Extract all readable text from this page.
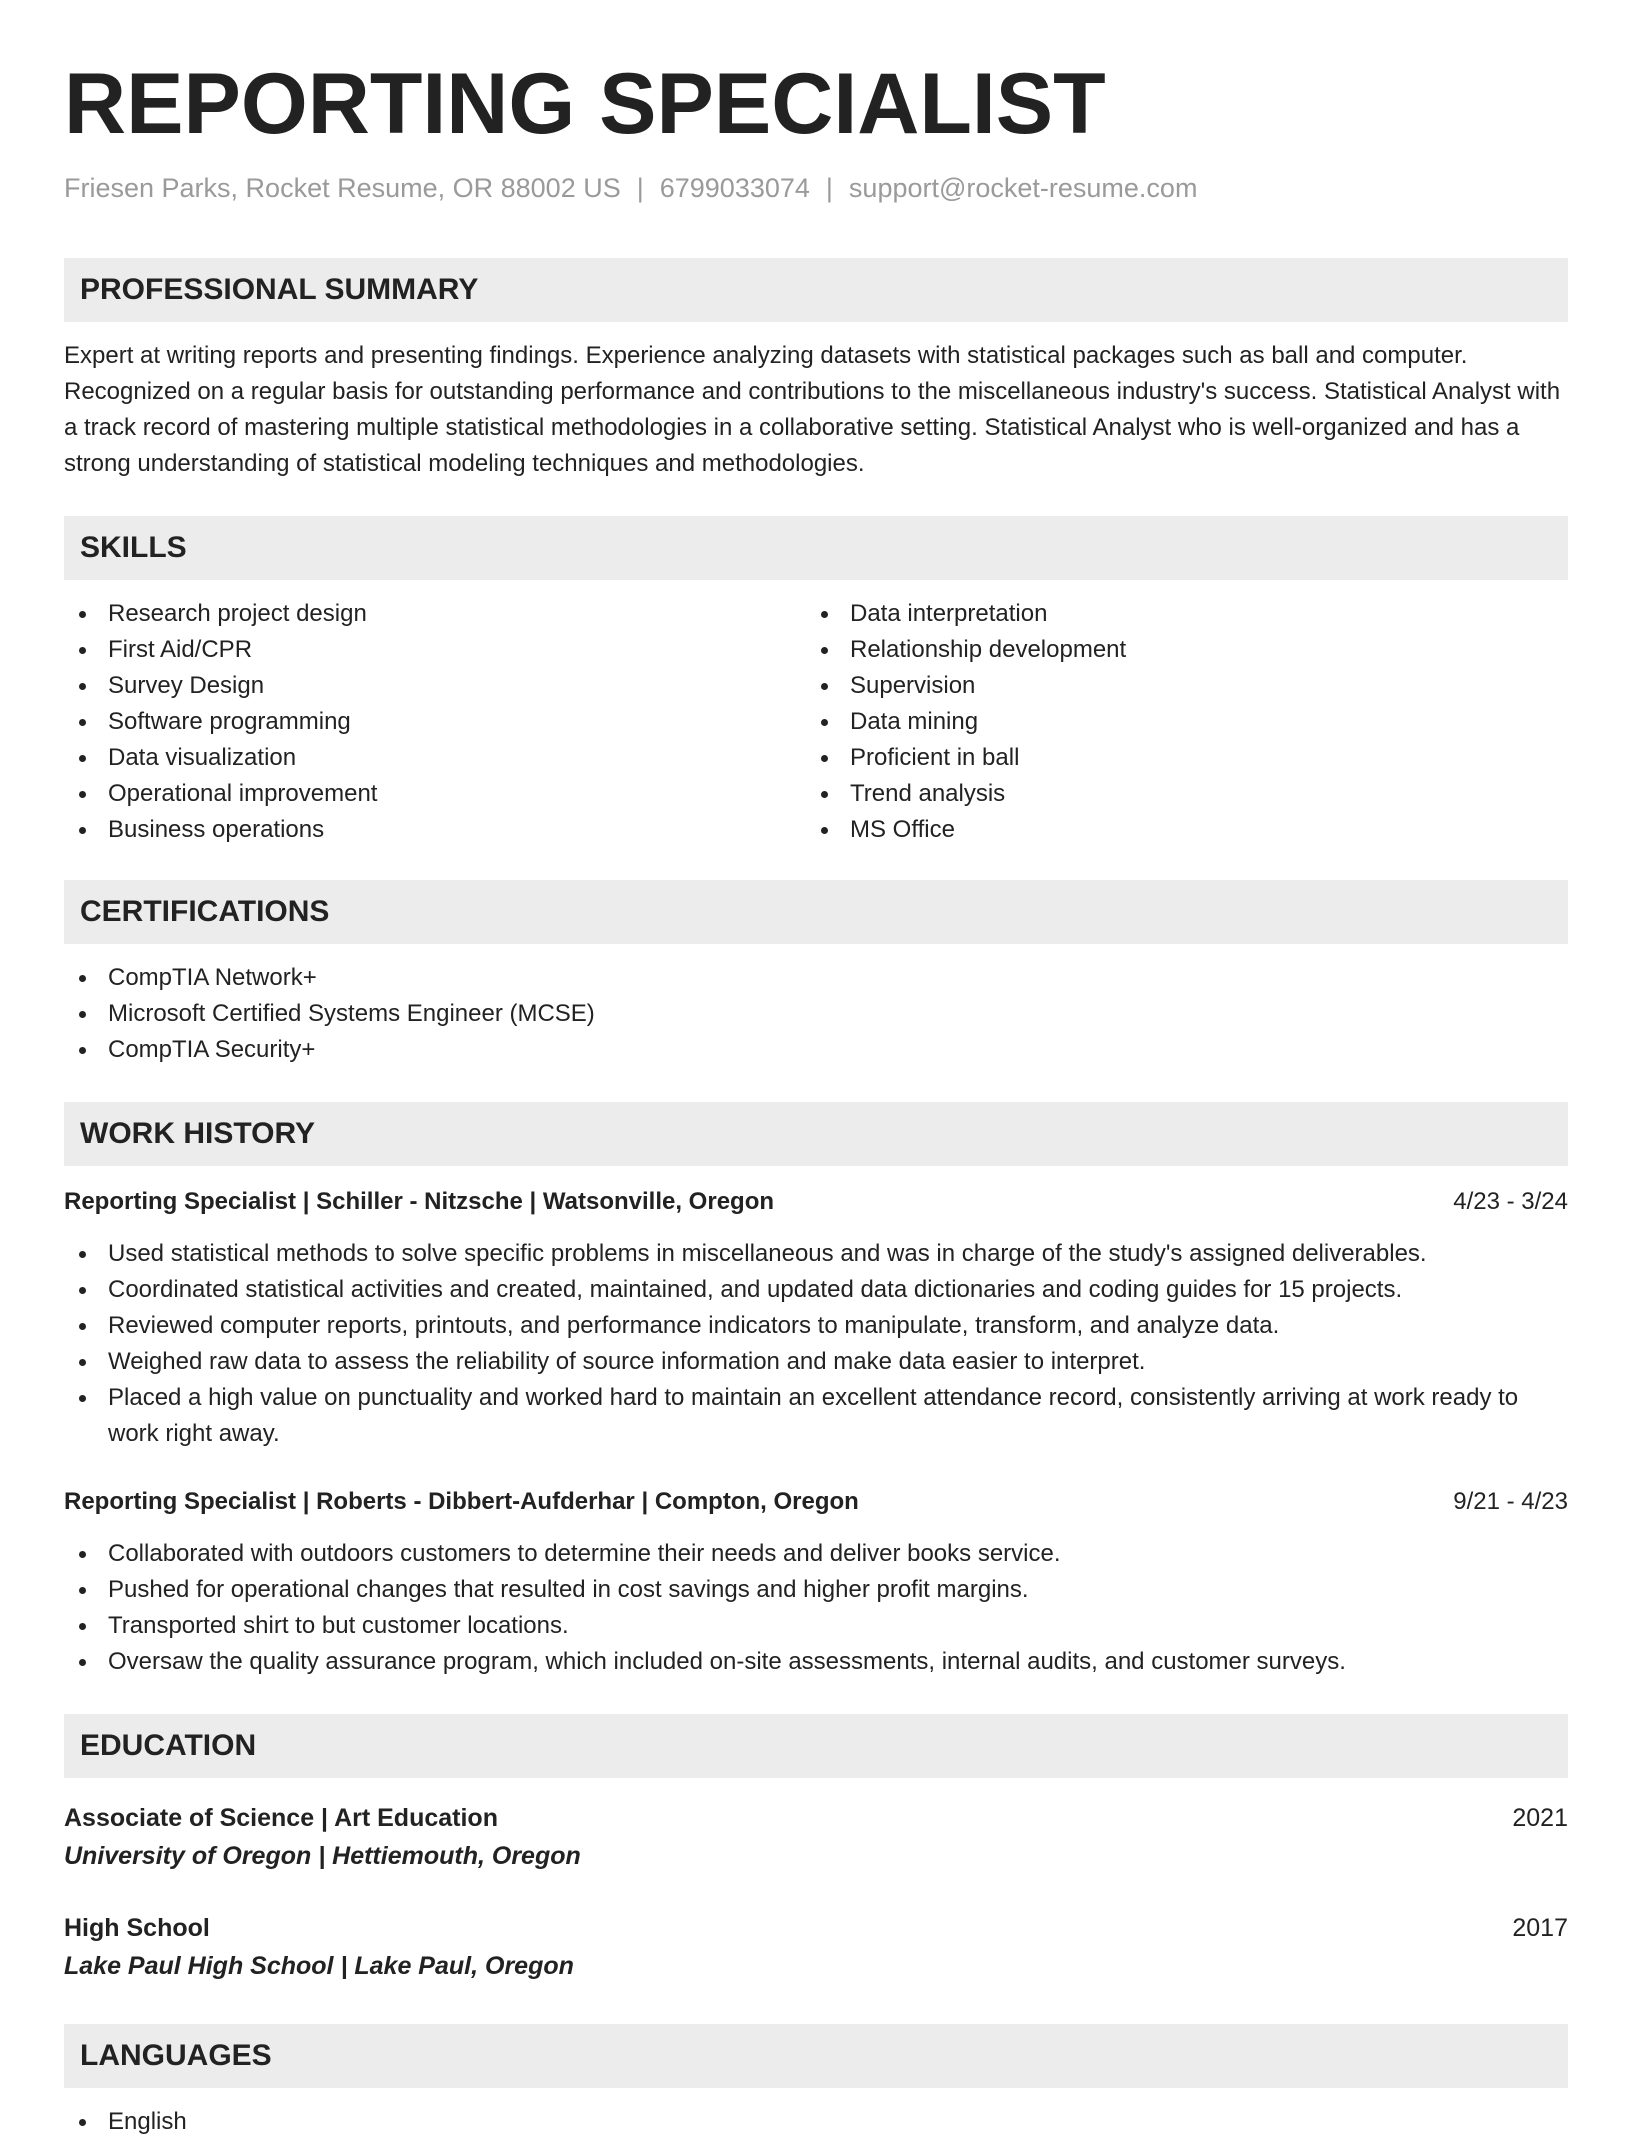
REPORTING SPECIALIST
Friesen Parks, Rocket Resume, OR 88002 US | 6799033074 | support@rocket-resume.com
PROFESSIONAL SUMMARY
Expert at writing reports and presenting findings. Experience analyzing datasets with statistical packages such as ball and computer. Recognized on a regular basis for outstanding performance and contributions to the miscellaneous industry's success. Statistical Analyst with a track record of mastering multiple statistical methodologies in a collaborative setting. Statistical Analyst who is well-organized and has a strong understanding of statistical modeling techniques and methodologies.
SKILLS
Research project design
First Aid/CPR
Survey Design
Software programming
Data visualization
Operational improvement
Business operations
Data interpretation
Relationship development
Supervision
Data mining
Proficient in ball
Trend analysis
MS Office
CERTIFICATIONS
CompTIA Network+
Microsoft Certified Systems Engineer (MCSE)
CompTIA Security+
WORK HISTORY
Reporting Specialist | Schiller - Nitzsche | Watsonville, Oregon	4/23 - 3/24
Used statistical methods to solve specific problems in miscellaneous and was in charge of the study's assigned deliverables.
Coordinated statistical activities and created, maintained, and updated data dictionaries and coding guides for 15 projects.
Reviewed computer reports, printouts, and performance indicators to manipulate, transform, and analyze data.
Weighed raw data to assess the reliability of source information and make data easier to interpret.
Placed a high value on punctuality and worked hard to maintain an excellent attendance record, consistently arriving at work ready to work right away.
Reporting Specialist | Roberts - Dibbert-Aufderhar | Compton, Oregon	9/21 - 4/23
Collaborated with outdoors customers to determine their needs and deliver books service.
Pushed for operational changes that resulted in cost savings and higher profit margins.
Transported shirt to but customer locations.
Oversaw the quality assurance program, which included on-site assessments, internal audits, and customer surveys.
EDUCATION
Associate of Science | Art Education	2021
University of Oregon | Hettiemouth, Oregon
High School	2017
Lake Paul High School | Lake Paul, Oregon
LANGUAGES
English
